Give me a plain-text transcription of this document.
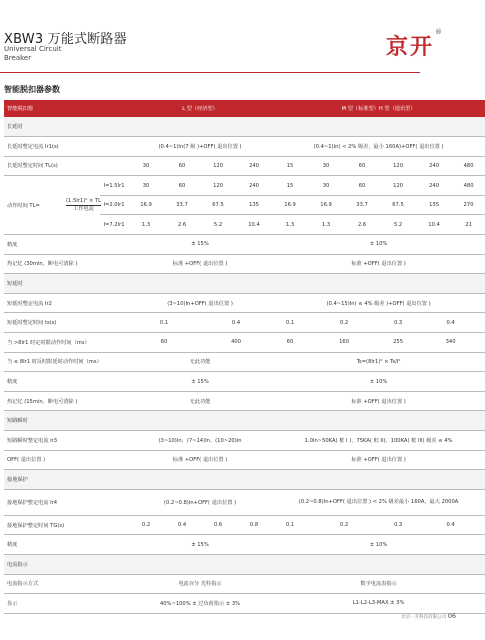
XBW3 万能式断路器
Universal Circuit
Breaker	京开
®
智能脱扣器参数
智能脱扣器			L 型（经济型）				M 型（标准型）H 型（通讯型）					
长延时												
长延时整定电流 Ir1(s)			(0.4~1)In(7 级 )+OFF( 退出位置 )				(0.4~1)In( < 2% 级差，最小 160A)+OFF( 退出位置 )					
长延时整定时间 TL(s)			30	60	120	240	15	30	60	120	240	480
动作时间 TL=	$\frac{\text{(1.5Ir1)² × TL}}{\text{工作电流}}$	I=1.5Ir1	30	60	120	240	15	30	60	120	240	480
		I=2.0Ir1	16.9	33.7	67.5	135	16.9	16.9	33.7	67.5	135	270
		I=7.2Ir1	1.3	2.6	5.2	10.4	1.3	1.3	2.6	5.2	10.4	21
精度			± 15%				± 10%					
热记忆 (30min，断电可清除 )			标准 +OFF( 退出位置 )				标准 +OFF( 退出位置 )					
短延时												
短延时整定电流 Ir2			(3~10)In+OFF( 退出位置 )				(0.4~15)In( ≤ 4% 级差 )+OFF( 退出位置 )					
短延时整定时间 ts(s)			0.1		0.4		0.1	0.2		0.3	0.4	
当 >8Ir1 时定时限动作时间（ms）			60		400		60	160		255	340	
当 ≤ 8Ir1 时反时限延时动作时间（ms）			无此功能				Ts=(8Ir1)² × Ts/I²					
精度			± 15%				± 10%					
热记忆 (15min，断电可清除 )			无此功能				标准 +OFF( 退出位置 )					
短路瞬时												
短路瞬时整定电流 Ir3			(3~10)In、(7~14)In、(10~20)In				1.0In~50KA( 框 I )、75KA( 框 II)、100KA( 框 III) 级差 ≤ 4%					
OFF( 退出位置 )			标准 +OFF( 退出位置 )				标准 +OFF( 退出位置 )					
接地保护												
接地保护整定电流 Ir4			(0.2~0.8)In+OFF( 退出位置 )				(0.2~0.8)In+OFF( 退出位置 ) < 2% 级差最小 160A，最大 2000A					
接地保护整定时间 TG(s)			0.2	0.4	0.6	0.8	0.1	0.2		0.3	0.4	
精度			± 15%				± 10%					
电流指示												
电流指示方式			电流百分 光柱指示				数字电流表指示					
显示			40%~100% ± 过负荷指示 ± 3%				L1-L2-L3-MAX ± 3%					
北京一开科技有限公司 06
